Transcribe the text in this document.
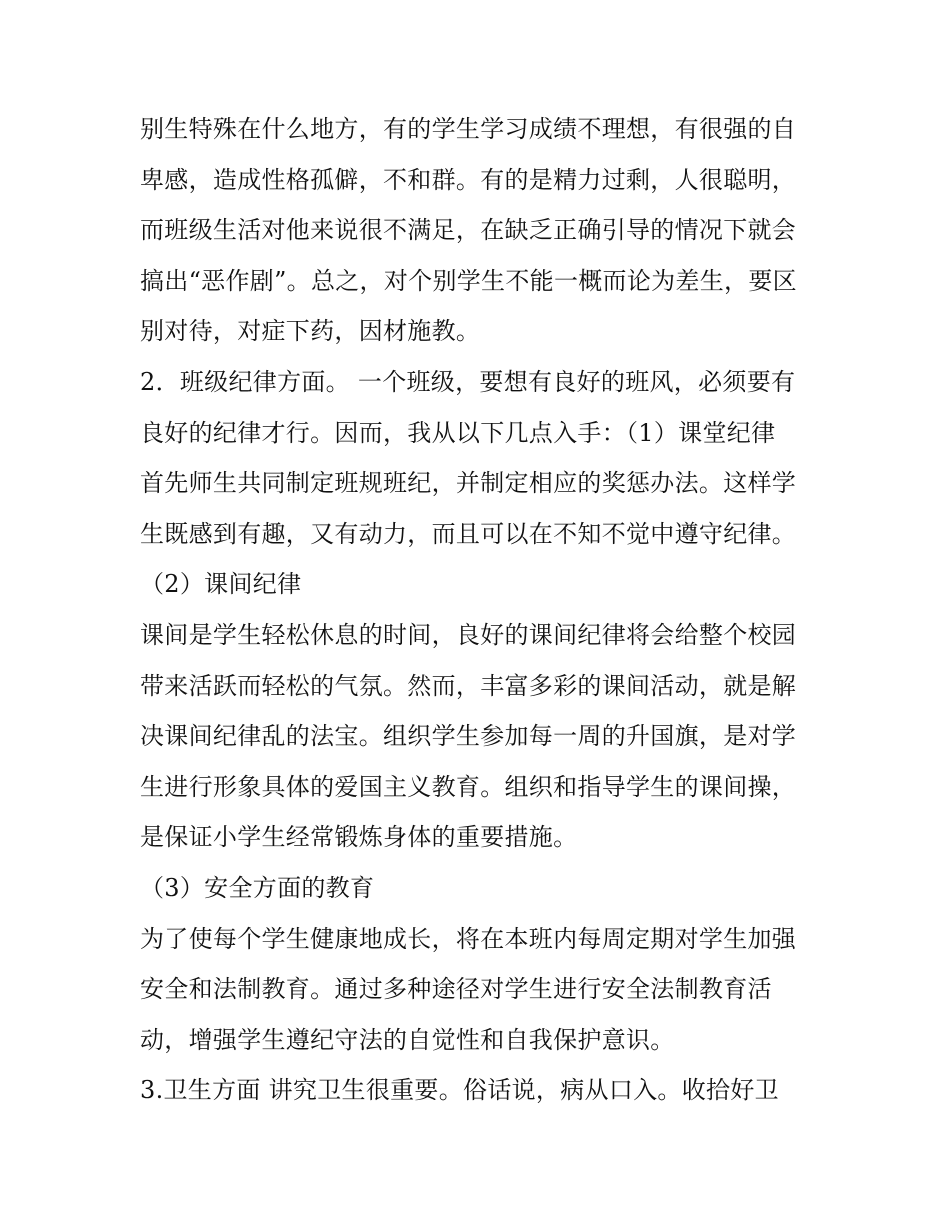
别生特殊在什么地方，有的学生学习成绩不理想，有很强的自
卑感，造成性格孤僻，不和群。有的是精力过剩，人很聪明，
而班级生活对他来说很不满足，在缺乏正确引导的情况下就会
搞出“恶作剧”。总之，对个别学生不能一概而论为差生，要区
别对待，对症下药，因材施教。
2．班级纪律方面。 一个班级，要想有良好的班风，必须要有
良好的纪律才行。因而，我从以下几点入手：（1）课堂纪律
首先师生共同制定班规班纪，并制定相应的奖惩办法。这样学
生既感到有趣，又有动力，而且可以在不知不觉中遵守纪律。
（2）课间纪律
课间是学生轻松休息的时间，良好的课间纪律将会给整个校园
带来活跃而轻松的气氛。然而，丰富多彩的课间活动，就是解
决课间纪律乱的法宝。组织学生参加每一周的升国旗，是对学
生进行形象具体的爱国主义教育。组织和指导学生的课间操，
是保证小学生经常锻炼身体的重要措施。
（3）安全方面的教育
为了使每个学生健康地成长，将在本班内每周定期对学生加强
安全和法制教育。通过多种途径对学生进行安全法制教育活
动，增强学生遵纪守法的自觉性和自我保护意识。
3.卫生方面 讲究卫生很重要。俗话说，病从口入。收拾好卫
